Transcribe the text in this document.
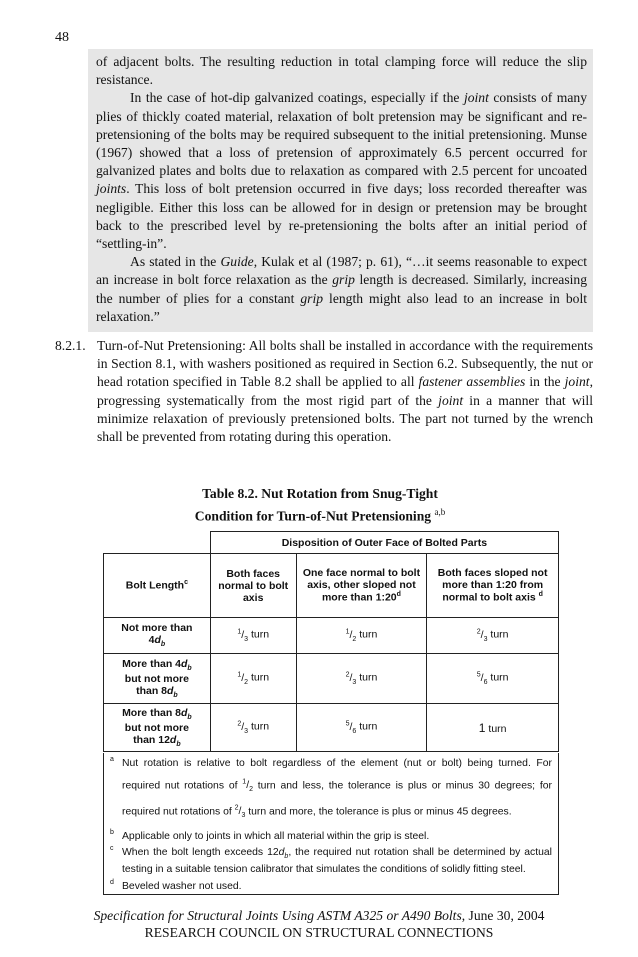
48

of adjacent bolts. The resulting reduction in total clamping force will reduce the slip resistance.

In the case of hot-dip galvanized coatings, especially if the joint consists of many plies of thickly coated material, relaxation of bolt pretension may be significant and re-pretensioning of the bolts may be required subsequent to the initial pretensioning. Munse (1967) showed that a loss of pretension of approximately 6.5 percent occurred for galvanized plates and bolts due to relaxation as compared with 2.5 percent for uncoated joints. This loss of bolt pretension occurred in five days; loss recorded thereafter was negligible. Either this loss can be allowed for in design or pretension may be brought back to the prescribed level by re-pretensioning the bolts after an initial period of “settling-in”.

As stated in the Guide, Kulak et al (1987; p. 61), “…it seems reasonable to expect an increase in bolt force relaxation as the grip length is decreased. Similarly, increasing the number of plies for a constant grip length might also lead to an increase in bolt relaxation.”

8.2.1. Turn-of-Nut Pretensioning: All bolts shall be installed in accordance with the requirements in Section 8.1, with washers positioned as required in Section 6.2. Subsequently, the nut or head rotation specified in Table 8.2 shall be applied to all fastener assemblies in the joint, progressing systematically from the most rigid part of the joint in a manner that will minimize relaxation of previously pretensioned bolts. The part not turned by the wrench shall be prevented from rotating during this operation.
Table 8.2. Nut Rotation from Snug-Tight
Condition for Turn-of-Nut Pretensioning $^{a,b}$
	Disposition of Outer Face of Bolted Parts		
Bolt Length$^c$	Both faces normal to bolt axis	One face normal to bolt axis, other sloped not more than 1:20$^d$	Both faces sloped not more than 1:20 from normal to bolt axis $^d$

Not more than
$4d_b$	$^1/_3$ turn	$^1/_2$ turn	$^2/_3$ turn

More than $4d_b$
but not more
than $8d_b$	$^1/_2$ turn	$^2/_3$ turn	$^5/_6$ turn

More than $8d_b$
but not more
than $12d_b$	$^2/_3$ turn	$^5/_6$ turn	1 turn

a Nut rotation is relative to bolt regardless of the element (nut or bolt) being turned. For required nut rotations of $^1/_2$ turn and less, the tolerance is plus or minus 30 degrees; for required nut rotations of $^2/_3$ turn and more, the tolerance is plus or minus 45 degrees.

b Applicable only to joints in which all material within the grip is steel.

c When the bolt length exceeds $12d_b$, the required nut rotation shall be determined by actual testing in a suitable tension calibrator that simulates the conditions of solidly fitting steel.

d Beveled washer not used.

Specification for Structural Joints Using ASTM A325 or A490 Bolts, June 30, 2004
RESEARCH COUNCIL ON STRUCTURAL CONNECTIONS
